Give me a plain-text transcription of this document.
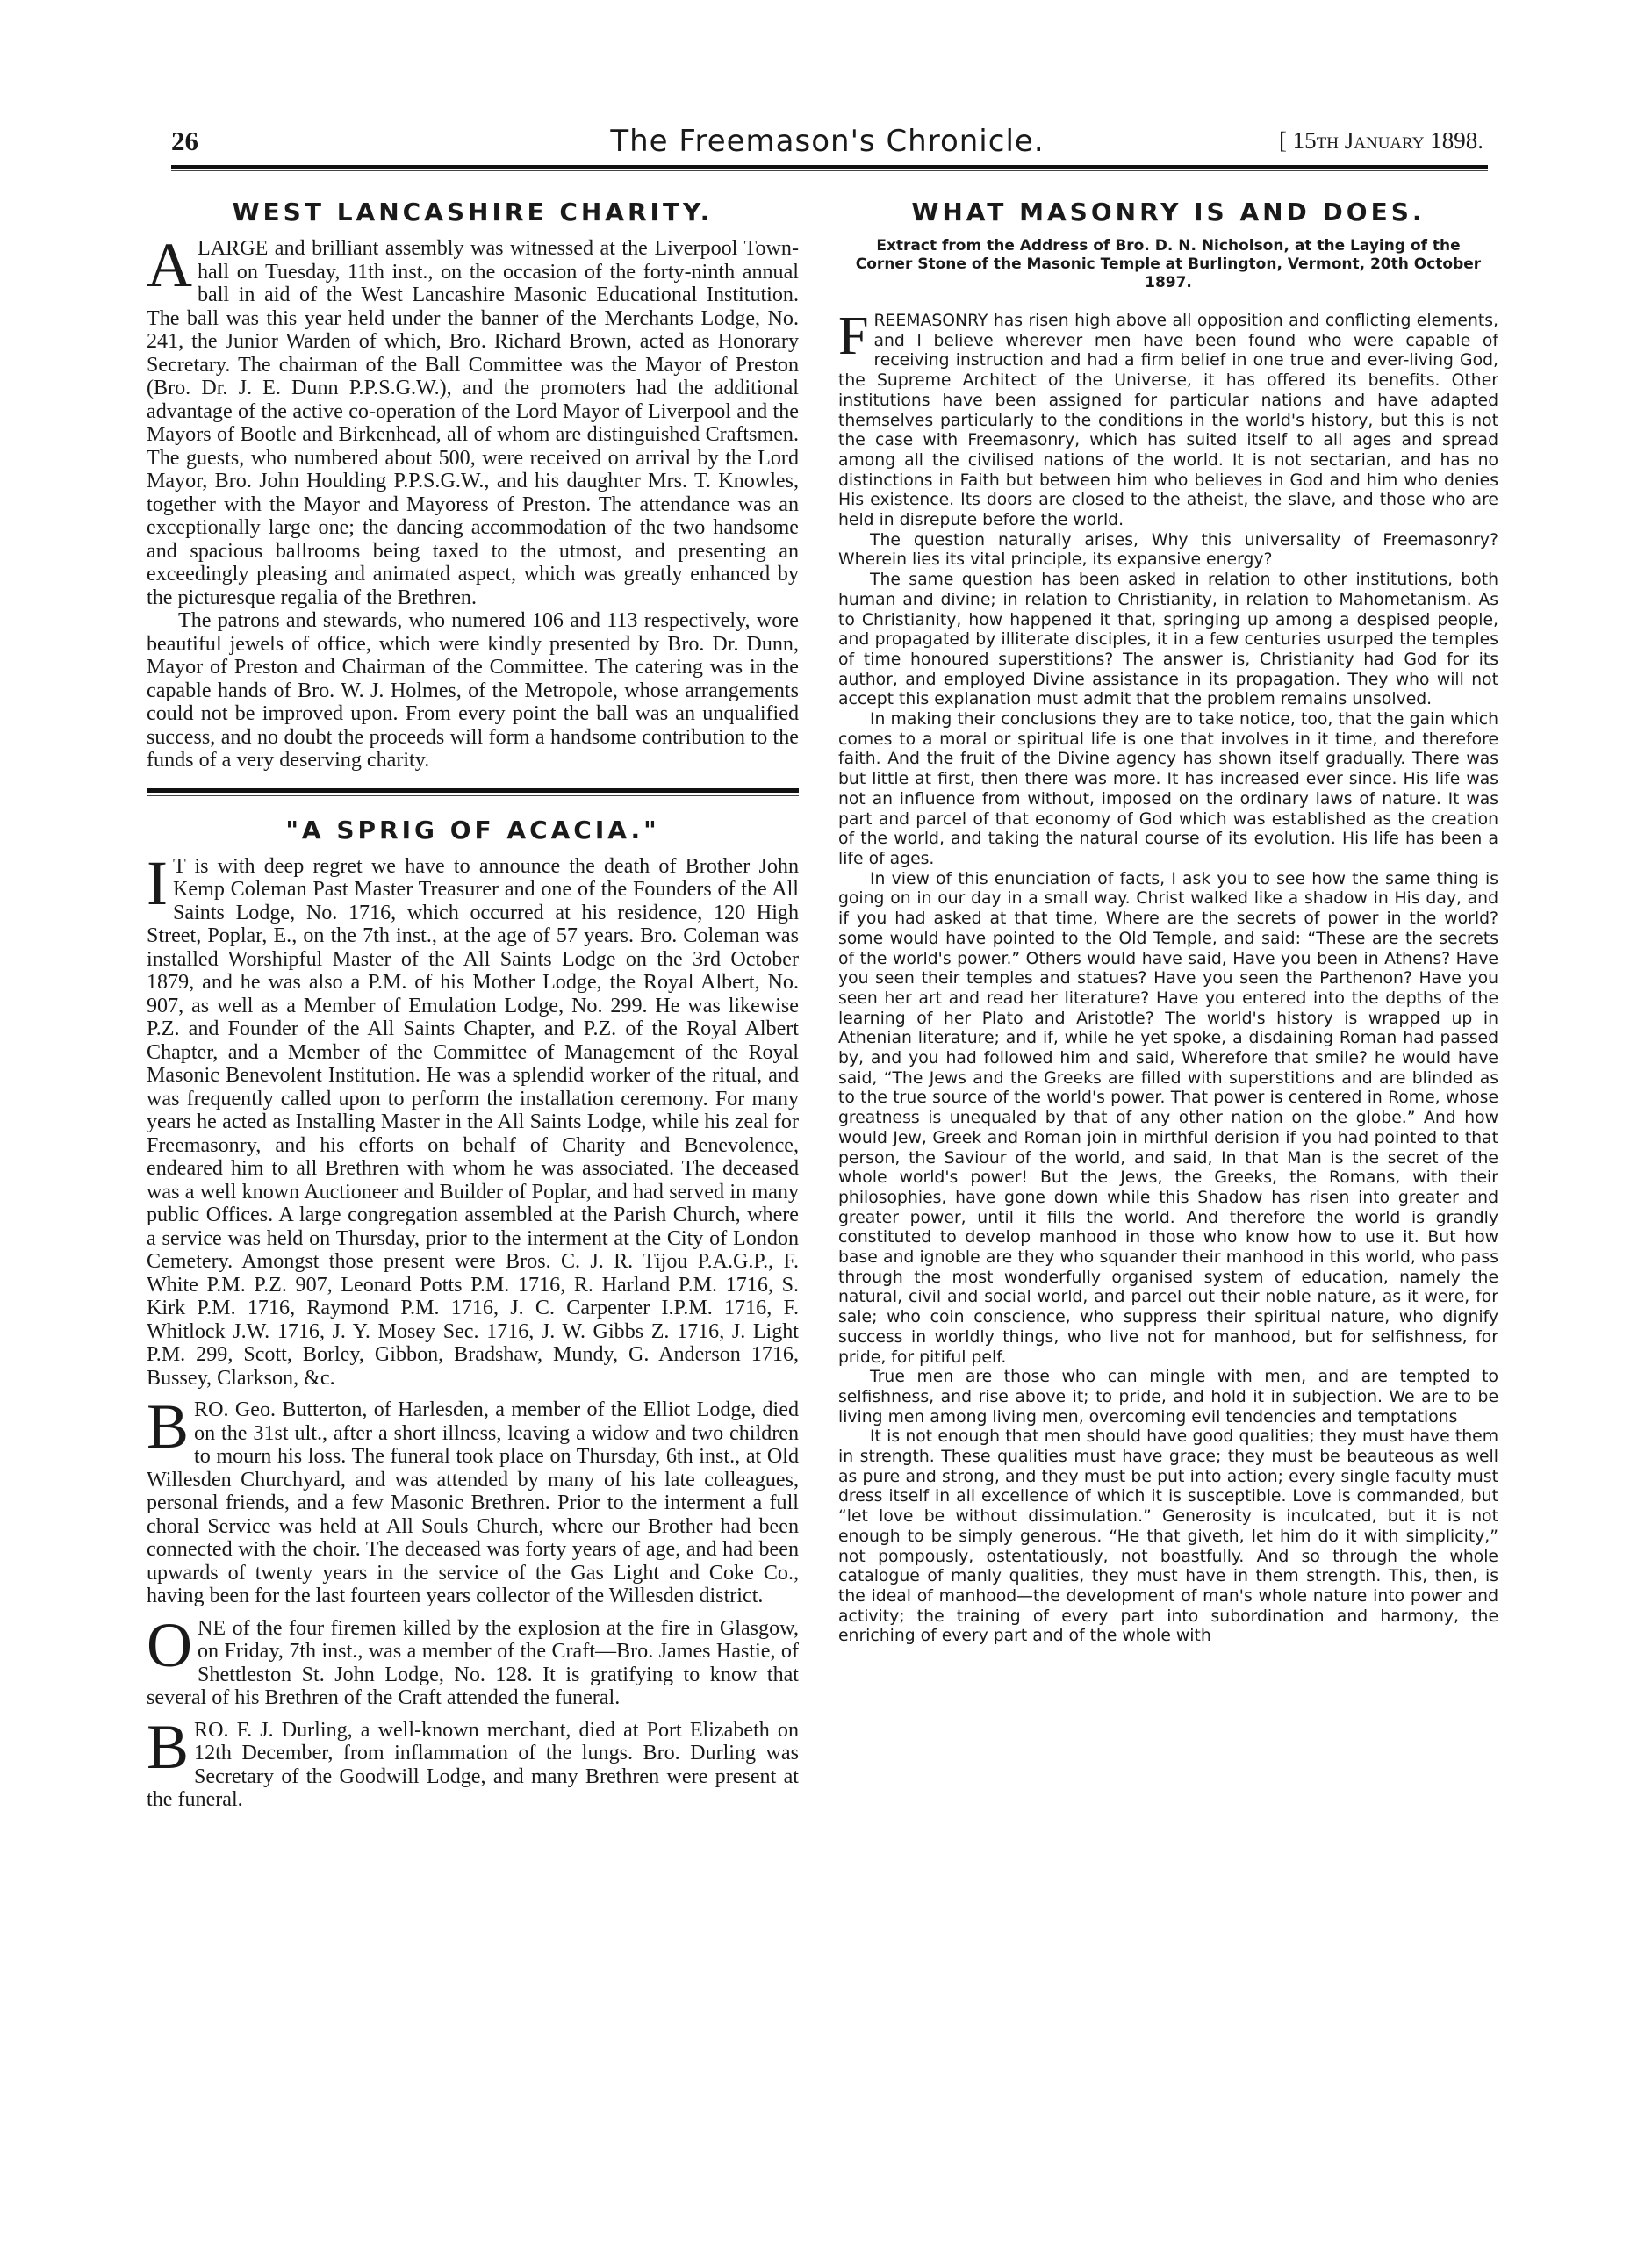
26	The Freemason's Chronicle.	[ 15th January 1898.
WEST LANCASHIRE CHARITY.

ALARGE and brilliant assembly was witnessed at the Liverpool Town-hall on Tuesday, 11th inst., on the occasion of the forty-ninth annual ball in aid of the West Lancashire Masonic Educational Institution. The ball was this year held under the banner of the Merchants Lodge, No. 241, the Junior Warden of which, Bro. Richard Brown, acted as Honorary Secretary. The chairman of the Ball Committee was the Mayor of Preston (Bro. Dr. J. E. Dunn P.P.S.G.W.), and the promoters had the additional advantage of the active co-operation of the Lord Mayor of Liverpool and the Mayors of Bootle and Birkenhead, all of whom are distinguished Craftsmen. The guests, who numbered about 500, were received on arrival by the Lord Mayor, Bro. John Houlding P.P.S.G.W., and his daughter Mrs. T. Knowles, together with the Mayor and Mayoress of Preston. The attendance was an exceptionally large one; the dancing accommodation of the two handsome and spacious ballrooms being taxed to the utmost, and presenting an exceedingly pleasing and animated aspect, which was greatly enhanced by the picturesque regalia of the Brethren.

The patrons and stewards, who numered 106 and 113 respectively, wore beautiful jewels of office, which were kindly presented by Bro. Dr. Dunn, Mayor of Preston and Chairman of the Committee. The catering was in the capable hands of Bro. W. J. Holmes, of the Metropole, whose arrangements could not be improved upon. From every point the ball was an unqualified success, and no doubt the proceeds will form a handsome contribution to the funds of a very deserving charity.

"A SPRIG OF ACACIA."

I T is with deep regret we have to announce the death of Brother John Kemp Coleman Past Master Treasurer and one of the Founders of the All Saints Lodge, No. 1716, which occurred at his residence, 120 High Street, Poplar, E., on the 7th inst., at the age of 57 years. Bro. Coleman was installed Worshipful Master of the All Saints Lodge on the 3rd October 1879, and he was also a P.M. of his Mother Lodge, the Royal Albert, No. 907, as well as a Member of Emulation Lodge, No. 299. He was likewise P.Z. and Founder of the All Saints Chapter, and P.Z. of the Royal Albert Chapter, and a Member of the Committee of Management of the Royal Masonic Benevolent Institution. He was a splendid worker of the ritual, and was frequently called upon to perform the installation ceremony. For many years he acted as Installing Master in the All Saints Lodge, while his zeal for Freemasonry, and his efforts on behalf of Charity and Benevolence, endeared him to all Brethren with whom he was associated. The deceased was a well known Auctioneer and Builder of Poplar, and had served in many public Offices. A large congregation assembled at the Parish Church, where a service was held on Thursday, prior to the interment at the City of London Cemetery. Amongst those present were Bros. C. J. R. Tijou P.A.G.P., F. White P.M. P.Z. 907, Leonard Potts P.M. 1716, R. Harland P.M. 1716, S. Kirk P.M. 1716, Raymond P.M. 1716, J. C. Carpenter I.P.M. 1716, F. Whitlock J.W. 1716, J. Y. Mosey Sec. 1716, J. W. Gibbs Z. 1716, J. Light P.M. 299, Scott, Borley, Gibbon, Bradshaw, Mundy, G. Anderson 1716, Bussey, Clarkson, &c.

BRO. Geo. Butterton, of Harlesden, a member of the Elliot Lodge, died on the 31st ult., after a short illness, leaving a widow and two children to mourn his loss. The funeral took place on Thursday, 6th inst., at Old Willesden Churchyard, and was attended by many of his late colleagues, personal friends, and a few Masonic Brethren. Prior to the interment a full choral Service was held at All Souls Church, where our Brother had been connected with the choir. The deceased was forty years of age, and had been upwards of twenty years in the service of the Gas Light and Coke Co., having been for the last fourteen years collector of the Willesden district.

ONE of the four firemen killed by the explosion at the fire in Glasgow, on Friday, 7th inst., was a member of the Craft—Bro. James Hastie, of Shettleston St. John Lodge, No. 128. It is gratifying to know that several of his Brethren of the Craft attended the funeral.

BRO. F. J. Durling, a well-known merchant, died at Port Elizabeth on 12th December, from inflammation of the lungs. Bro. Durling was Secretary of the Goodwill Lodge, and many Brethren were present at the funeral.

WHAT MASONRY IS AND DOES.
Extract from the Address of Bro. D. N. Nicholson, at the Laying of the Corner Stone of the Masonic Temple at Burlington, Vermont, 20th October 1897.

FREEMASONRY has risen high above all opposition and conflicting elements, and I believe wherever men have been found who were capable of receiving instruction and had a firm belief in one true and ever-living God, the Supreme Architect of the Universe, it has offered its benefits. Other institutions have been assigned for particular nations and have adapted themselves particularly to the conditions in the world's history, but this is not the case with Freemasonry, which has suited itself to all ages and spread among all the civilised nations of the world. It is not sectarian, and has no distinctions in Faith but between him who believes in God and him who denies His existence. Its doors are closed to the atheist, the slave, and those who are held in disrepute before the world.

The question naturally arises, Why this universality of Freemasonry? Wherein lies its vital principle, its expansive energy?

The same question has been asked in relation to other institutions, both human and divine; in relation to Christianity, in relation to Mahometanism. As to Christianity, how happened it that, springing up among a despised people, and propagated by illiterate disciples, it in a few centuries usurped the temples of time honoured superstitions? The answer is, Christianity had God for its author, and employed Divine assistance in its propagation. They who will not accept this explanation must admit that the problem remains unsolved.

In making their conclusions they are to take notice, too, that the gain which comes to a moral or spiritual life is one that involves in it time, and therefore faith. And the fruit of the Divine agency has shown itself gradually. There was but little at first, then there was more. It has increased ever since. His life was not an influence from without, imposed on the ordinary laws of nature. It was part and parcel of that economy of God which was established as the creation of the world, and taking the natural course of its evolution. His life has been a life of ages.

In view of this enunciation of facts, I ask you to see how the same thing is going on in our day in a small way. Christ walked like a shadow in His day, and if you had asked at that time, Where are the secrets of power in the world? some would have pointed to the Old Temple, and said: “These are the secrets of the world's power.” Others would have said, Have you been in Athens? Have you seen their temples and statues? Have you seen the Parthenon? Have you seen her art and read her literature? Have you entered into the depths of the learning of her Plato and Aristotle? The world's history is wrapped up in Athenian literature; and if, while he yet spoke, a disdaining Roman had passed by, and you had followed him and said, Wherefore that smile? he would have said, “The Jews and the Greeks are filled with superstitions and are blinded as to the true source of the world's power. That power is centered in Rome, whose greatness is unequaled by that of any other nation on the globe.” And how would Jew, Greek and Roman join in mirthful derision if you had pointed to that person, the Saviour of the world, and said, In that Man is the secret of the whole world's power! But the Jews, the Greeks, the Romans, with their philosophies, have gone down while this Shadow has risen into greater and greater power, until it fills the world. And therefore the world is grandly constituted to develop manhood in those who know how to use it. But how base and ignoble are they who squander their manhood in this world, who pass through the most wonderfully organised system of education, namely the natural, civil and social world, and parcel out their noble nature, as it were, for sale; who coin conscience, who suppress their spiritual nature, who dignify success in worldly things, who live not for manhood, but for selfishness, for pride, for pitiful pelf.

True men are those who can mingle with men, and are tempted to selfishness, and rise above it; to pride, and hold it in subjection. We are to be living men among living men, overcoming evil tendencies and temptations

It is not enough that men should have good qualities; they must have them in strength. These qualities must have grace; they must be beauteous as well as pure and strong, and they must be put into action; every single faculty must dress itself in all excellence of which it is susceptible. Love is commanded, but “let love be without dissimulation.” Generosity is inculcated, but it is not enough to be simply generous. “He that giveth, let him do it with simplicity,” not pompously, ostentatiously, not boastfully. And so through the whole catalogue of manly qualities, they must have in them strength. This, then, is the ideal of manhood—the development of man's whole nature into power and activity; the training of every part into subordination and harmony, the enriching of every part and of the whole with
